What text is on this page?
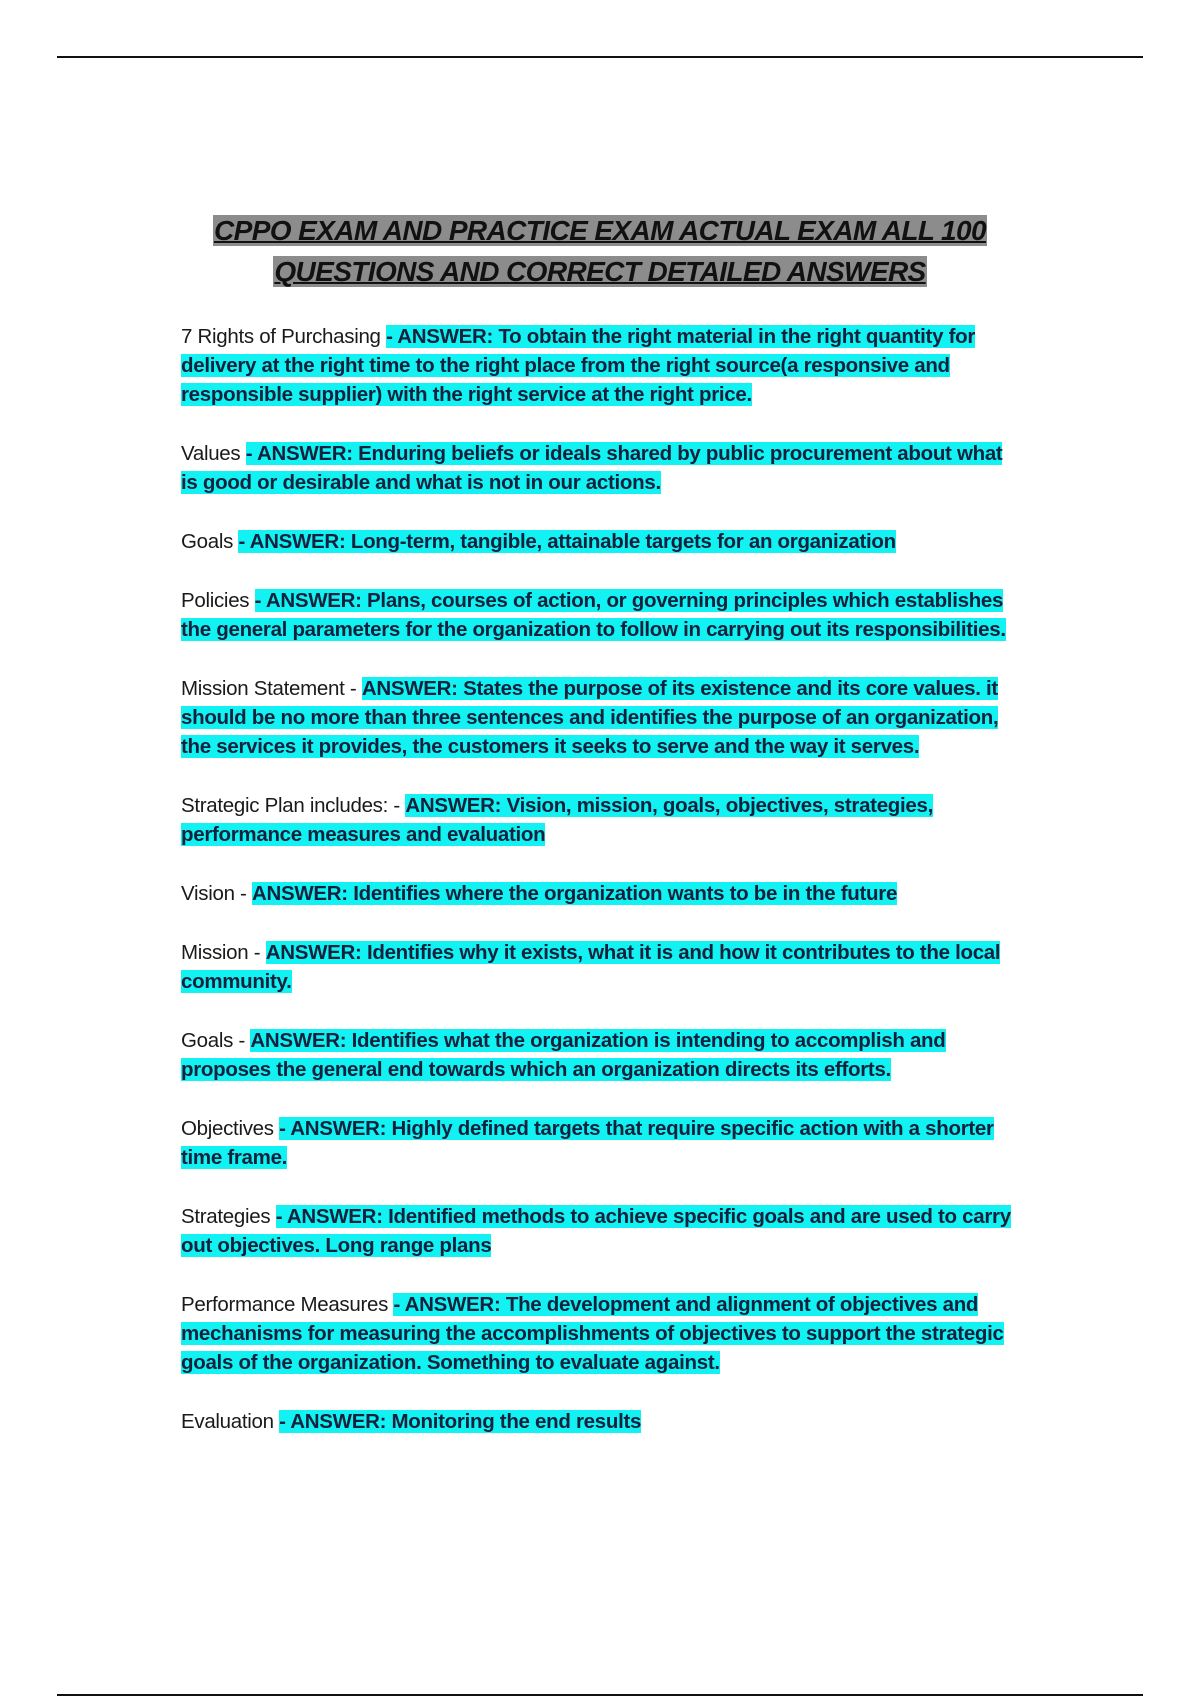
CPPO EXAM AND PRACTICE EXAM ACTUAL EXAM ALL 100
QUESTIONS AND CORRECT DETAILED ANSWERS

7 Rights of Purchasing - ANSWER: To obtain the right material in the right quantity for delivery at the right time to the right place from the right source(a responsive and responsible supplier) with the right service at the right price.

Values - ANSWER: Enduring beliefs or ideals shared by public procurement about what is good or desirable and what is not in our actions.

Goals - ANSWER: Long-term, tangible, attainable targets for an organization

Policies - ANSWER: Plans, courses of action, or governing principles which establishes the general parameters for the organization to follow in carrying out its responsibilities.

Mission Statement - ANSWER: States the purpose of its existence and its core values. it should be no more than three sentences and identifies the purpose of an organization, the services it provides, the customers it seeks to serve and the way it serves.

Strategic Plan includes: - ANSWER: Vision, mission, goals, objectives, strategies, performance measures and evaluation

Vision - ANSWER: Identifies where the organization wants to be in the future

Mission - ANSWER: Identifies why it exists, what it is and how it contributes to the local community.

Goals - ANSWER: Identifies what the organization is intending to accomplish and proposes the general end towards which an organization directs its efforts.

Objectives - ANSWER: Highly defined targets that require specific action with a shorter time frame.

Strategies - ANSWER: Identified methods to achieve specific goals and are used to carry out objectives. Long range plans

Performance Measures - ANSWER: The development and alignment of objectives and mechanisms for measuring the accomplishments of objectives to support the strategic goals of the organization. Something to evaluate against.

Evaluation - ANSWER: Monitoring the end results
